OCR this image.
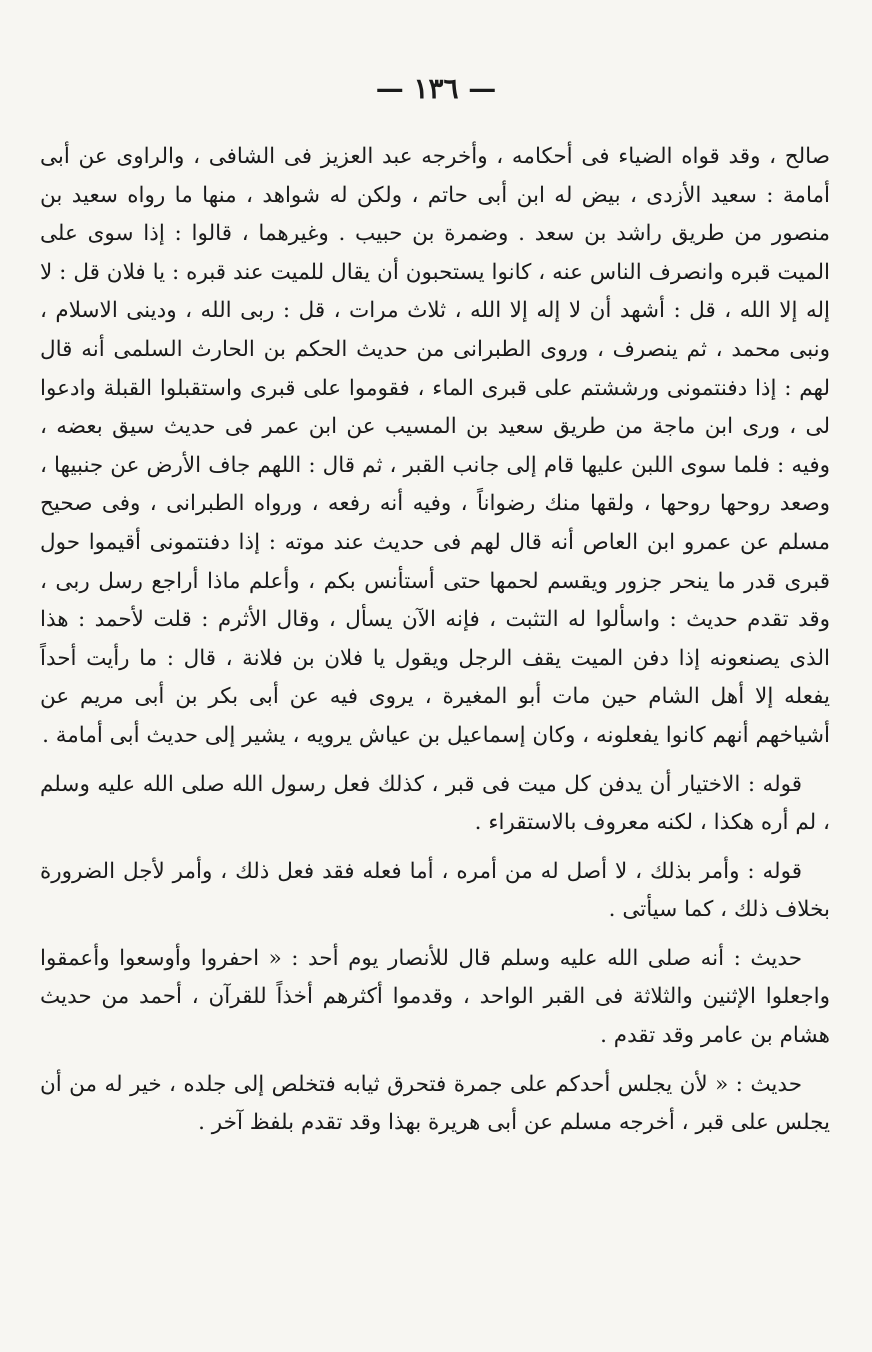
— ١٣٦ —

صالح ، وقد قواه الضياء فى أحكامه ، وأخرجه عبد العزيز فى الشافى ، والراوى عن أبى أمامة : سعيد الأزدى ، بيض له ابن أبى حاتم ، ولكن له شواهد ، منها ما رواه سعيد بن منصور من طريق راشد بن سعد . وضمرة بن حبيب . وغيرهما ، قالوا : إذا سوى على الميت قبره وانصرف الناس عنه ، كانوا يستحبون أن يقال للميت عند قبره : يا فلان قل : لا إله إلا الله ، قل : أشهد أن لا إله إلا الله ، ثلاث مرات ، قل : ربى الله ، ودينى الاسلام ، ونبى محمد ، ثم ينصرف ، وروى الطبرانى من حديث الحكم بن الحارث السلمى أنه قال لهم : إذا دفنتمونى ورششتم على قبرى الماء ، فقوموا على قبرى واستقبلوا القبلة وادعوا لى ، ورى ابن ماجة من طريق سعيد بن المسيب عن ابن عمر فى حديث سيق بعضه ، وفيه : فلما سوى اللبن عليها قام إلى جانب القبر ، ثم قال : اللهم جاف الأرض عن جنبيها ، وصعد روحها روحها ، ولقها منك رضواناً ، وفيه أنه رفعه ، ورواه الطبرانى ، وفى صحيح مسلم عن عمرو ابن العاص أنه قال لهم فى حديث عند موته : إذا دفنتمونى أقيموا حول قبرى قدر ما ينحر جزور ويقسم لحمها حتى أستأنس بكم ، وأعلم ماذا أراجع رسل ربى ، وقد تقدم حديث : واسألوا له التثبت ، فإنه الآن يسأل ، وقال الأثرم : قلت لأحمد : هذا الذى يصنعونه إذا دفن الميت يقف الرجل ويقول يا فلان بن فلانة ، قال : ما رأيت أحداً يفعله إلا أهل الشام حين مات أبو المغيرة ، يروى فيه عن أبى بكر بن أبى مريم عن أشياخهم أنهم كانوا يفعلونه ، وكان إسماعيل بن عياش يرويه ، يشير إلى حديث أبى أمامة .

قوله : الاختيار أن يدفن كل ميت فى قبر ، كذلك فعل رسول الله صلى الله عليه وسلم ، لم أره هكذا ، لكنه معروف بالاستقراء .

قوله : وأمر بذلك ، لا أصل له من أمره ، أما فعله فقد فعل ذلك ، وأمر لأجل الضرورة بخلاف ذلك ، كما سيأتى .

حديث : أنه صلى الله عليه وسلم قال للأنصار يوم أحد : « احفروا وأوسعوا وأعمقوا واجعلوا الإثنين والثلاثة فى القبر الواحد ، وقدموا أكثرهم أخذاً للقرآن ، أحمد من حديث هشام بن عامر وقد تقدم .

حديث : « لأن يجلس أحدكم على جمرة فتحرق ثيابه فتخلص إلى جلده ، خير له من أن يجلس على قبر ، أخرجه مسلم عن أبى هريرة بهذا وقد تقدم بلفظ آخر .
